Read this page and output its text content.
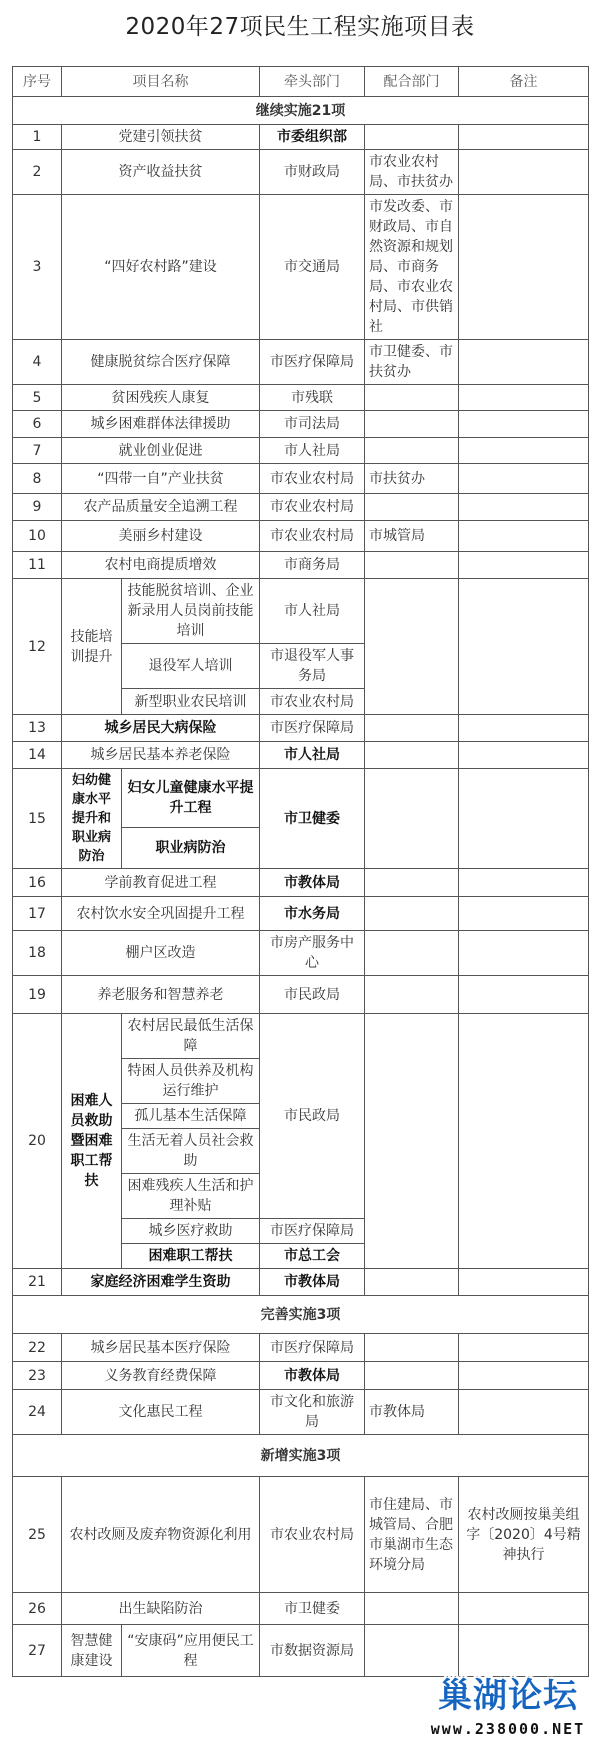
2020年27项民生工程实施项目表
序号	项目名称		牵头部门	配合部门	备注
继续实施21项					
1	党建引领扶贫		市委组织部		
2	资产收益扶贫		市财政局	市农业农村局、市扶贫办	
3	“四好农村路”建设		市交通局	市发改委、市财政局、市自然资源和规划局、市商务局、市农业农村局、市供销社	
4	健康脱贫综合医疗保障		市医疗保障局	市卫健委、市扶贫办	
5	贫困残疾人康复		市残联		
6	城乡困难群体法律援助		市司法局		
7	就业创业促进		市人社局		
8	“四带一自”产业扶贫		市农业农村局	市扶贫办	
9	农产品质量安全追溯工程		市农业农村局		
10	美丽乡村建设		市农业农村局	市城管局	
11	农村电商提质增效		市商务局		
12	技能培训提升	技能脱贫培训、企业新录用人员岗前技能培训	市人社局		
		退役军人培训	市退役军人事务局		
		新型职业农民培训	市农业农村局		
13	城乡居民大病保险		市医疗保障局		
14	城乡居民基本养老保险		市人社局		
15	妇幼健康水平提升和职业病防治	妇女儿童健康水平提升工程	市卫健委		
		职业病防治			
16	学前教育促进工程		市教体局		
17	农村饮水安全巩固提升工程		市水务局		
18	棚户区改造		市房产服务中心		
19	养老服务和智慧养老		市民政局		
20	困难人员救助暨困难职工帮扶	农村居民最低生活保障	市民政局		
		特困人员供养及机构运行维护			
		孤儿基本生活保障			
		生活无着人员社会救助			
		困难残疾人生活和护理补贴			
		城乡医疗救助	市医疗保障局		
		困难职工帮扶	市总工会		
21	家庭经济困难学生资助		市教体局		
完善实施3项					
22	城乡居民基本医疗保险		市医疗保障局		
23	义务教育经费保障		市教体局		
24	文化惠民工程		市文化和旅游局	市教体局	
新增实施3项					
25	农村改厕及废弃物资源化利用		市农业农村局	市住建局、市城管局、合肥市巢湖市生态环境分局	农村改厕按巢美组字〔2020〕4号精神执行
26	出生缺陷防治		市卫健委		
27	智慧健康建设	“安康码”应用便民工程	市数据资源局		
巢湖论坛
www.238000.NET
